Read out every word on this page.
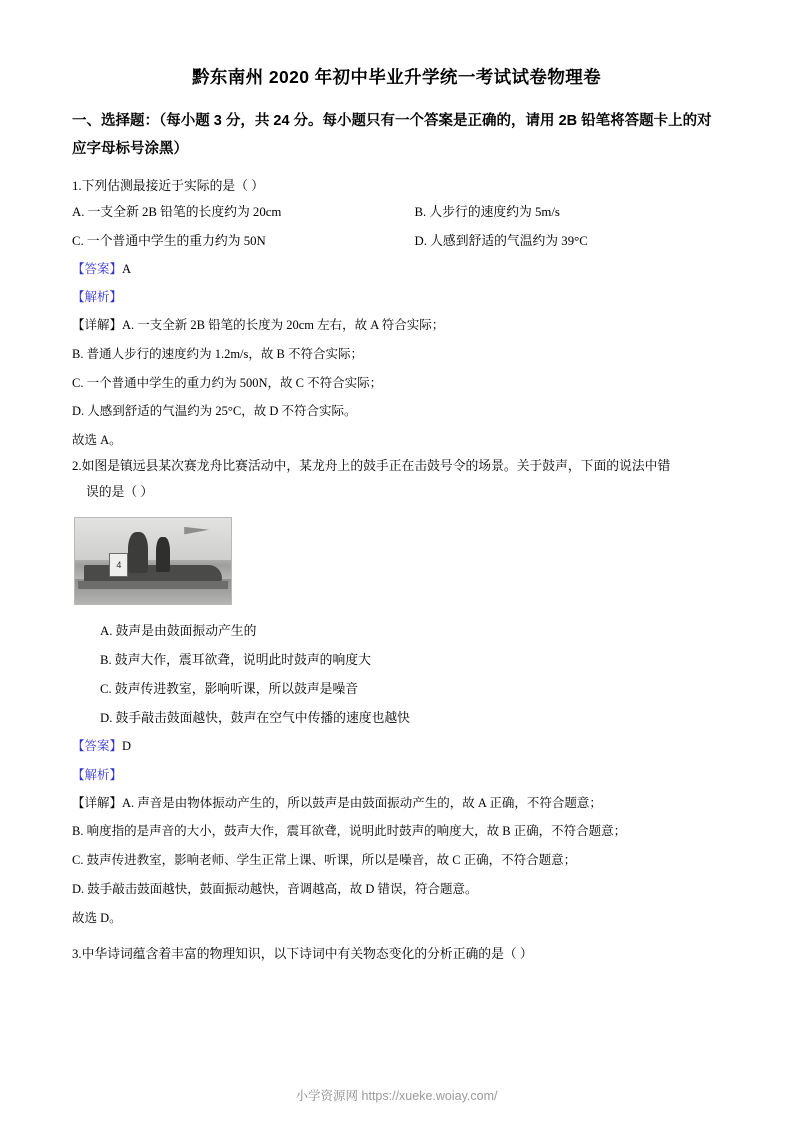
黔东南州 2020 年初中毕业升学统一考试试卷物理卷
一、选择题：（每小题 3 分，共 24 分。每小题只有一个答案是正确的，请用 2B 铅笔将答题卡上的对应字母标号涂黑）
1.下列估测最接近于实际的是（ ）
A. 一支全新 2B 铅笔的长度约为 20cm	B. 人步行的速度约为 5m/s
C. 一个普通中学生的重力约为 50N	D. 人感到舒适的气温约为 39°C
【答案】A
【解析】
【详解】A. 一支全新 2B 铅笔的长度为 20cm 左右，故 A 符合实际；
B. 普通人步行的速度约为 1.2m/s，故 B 不符合实际；
C. 一个普通中学生的重力约为 500N，故 C 不符合实际；
D. 人感到舒适的气温约为 25°C，故 D 不符合实际。
故选 A。
2.如图是镇远县某次赛龙舟比赛活动中，某龙舟上的鼓手正在击鼓号令的场景。关于鼓声，下面的说法中错
误的是（ ）
4
A. 鼓声是由鼓面振动产生的
B. 鼓声大作，震耳欲聋，说明此时鼓声的响度大
C. 鼓声传进教室，影响听课，所以鼓声是噪音
D. 鼓手敲击鼓面越快，鼓声在空气中传播的速度也越快
【答案】D
【解析】
【详解】A. 声音是由物体振动产生的，所以鼓声是由鼓面振动产生的，故 A 正确，不符合题意；
B. 响度指的是声音的大小，鼓声大作，震耳欲聋，说明此时鼓声的响度大，故 B 正确，不符合题意；
C. 鼓声传进教室，影响老师、学生正常上课、听课，所以是噪音，故 C 正确，不符合题意；
D. 鼓手敲击鼓面越快，鼓面振动越快，音调越高，故 D 错误，符合题意。
故选 D。
3.中华诗词蕴含着丰富的物理知识，以下诗词中有关物态变化的分析正确的是（ ）
小学资源网 https://xueke.woiay.com/
